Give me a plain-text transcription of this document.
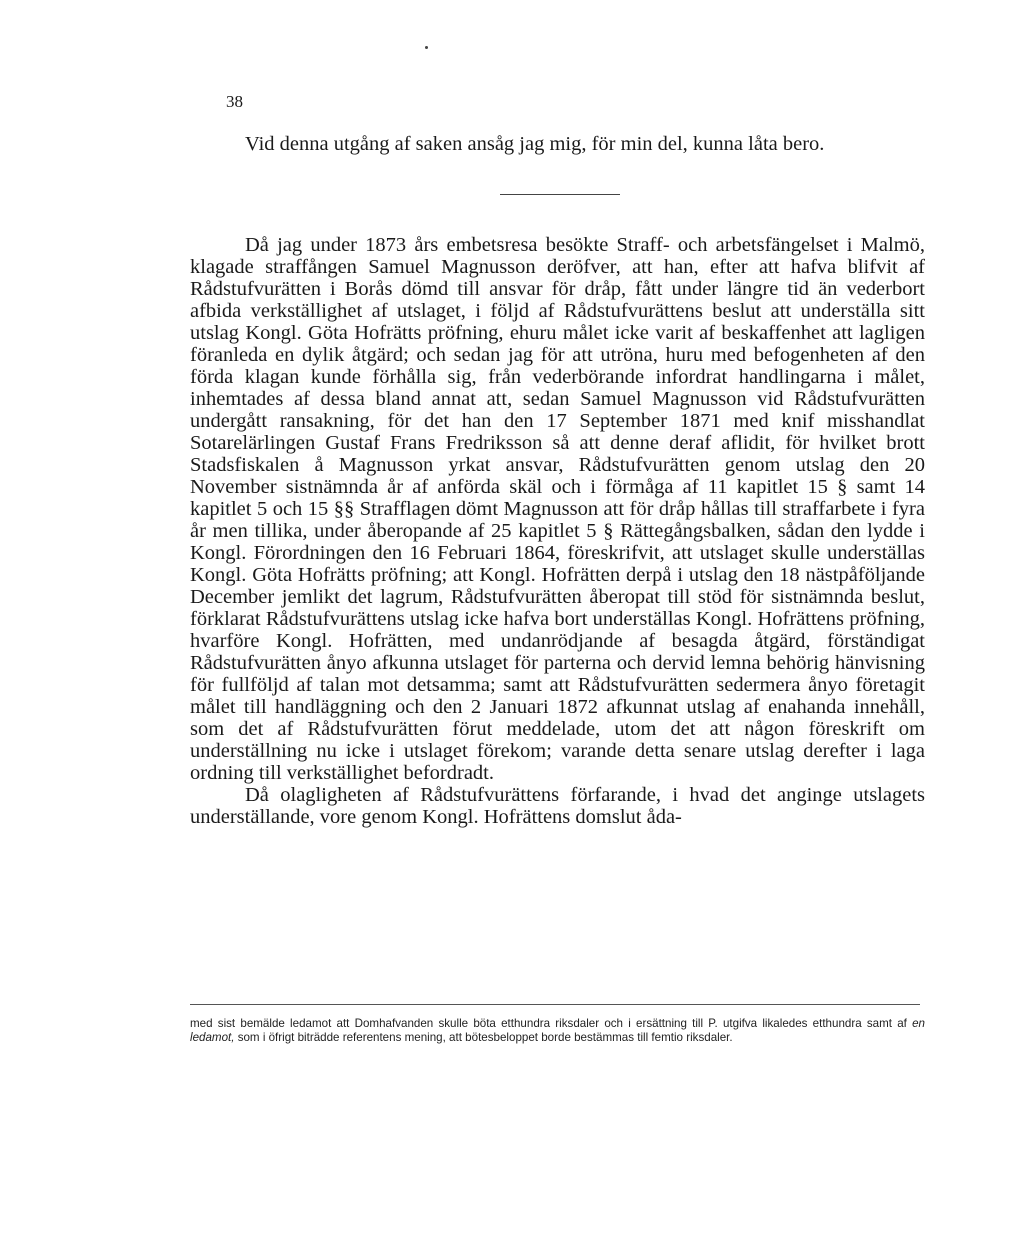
38

Vid denna utgång af saken ansåg jag mig, för min del, kunna låta bero.

Då jag under 1873 års embetsresa besökte Straff- och arbetsfängelset i Malmö, klagade straffången Samuel Magnusson deröfver, att han, efter att hafva blifvit af Rådstufvurätten i Borås dömd till ansvar för dråp, fått under längre tid än vederbort afbida verkställighet af utslaget, i följd af Rådstufvurättens beslut att underställa sitt utslag Kongl. Göta Hofrätts pröfning, ehuru målet icke varit af beskaffenhet att lagligen föranleda en dylik åtgärd; och sedan jag för att utröna, huru med befogenheten af den förda klagan kunde förhålla sig, från vederbörande infordrat handlingarna i målet, inhemtades af dessa bland annat att, sedan Samuel Magnusson vid Rådstufvurätten undergått ransakning, för det han den 17 September 1871 med knif misshandlat Sotarelärlingen Gustaf Frans Fredriksson så att denne deraf aflidit, för hvilket brott Stadsfiskalen å Magnusson yrkat ansvar, Rådstufvurätten genom utslag den 20 November sistnämnda år af anförda skäl och i förmåga af 11 kapitlet 15 § samt 14 kapitlet 5 och 15 §§ Strafflagen dömt Magnusson att för dråp hållas till straffarbete i fyra år men tillika, under åberopande af 25 kapitlet 5 § Rättegångsbalken, sådan den lydde i Kongl. Förordningen den 16 Februari 1864, föreskrifvit, att utslaget skulle underställas Kongl. Göta Hofrätts pröfning; att Kongl. Hofrätten derpå i utslag den 18 nästpåföljande December jemlikt det lagrum, Rådstufvurätten åberopat till stöd för sistnämnda beslut, förklarat Rådstufvurättens utslag icke hafva bort underställas Kongl. Hofrättens pröfning, hvarföre Kongl. Hofrätten, med undanrödjande af besagda åtgärd, förständigat Rådstufvurätten ånyo afkunna utslaget för parterna och dervid lemna behörig hänvisning för fullföljd af talan mot detsamma; samt att Rådstufvurätten sedermera ånyo företagit målet till handläggning och den 2 Januari 1872 afkunnat utslag af enahanda innehåll, som det af Rådstufvurätten förut meddelade, utom det att någon föreskrift om underställning nu icke i utslaget förekom; varande detta senare utslag derefter i laga ordning till verkställighet befordradt.

Då olagligheten af Rådstufvurättens förfarande, i hvad det anginge utslagets underställande, vore genom Kongl. Hofrättens domslut åda-

med sist bemälde ledamot att Domhafvanden skulle böta etthundra riksdaler och i ersättning till P. utgifva likaledes etthundra samt af en ledamot, som i öfrigt biträdde referentens mening, att bötesbeloppet borde bestämmas till femtio riksdaler.
